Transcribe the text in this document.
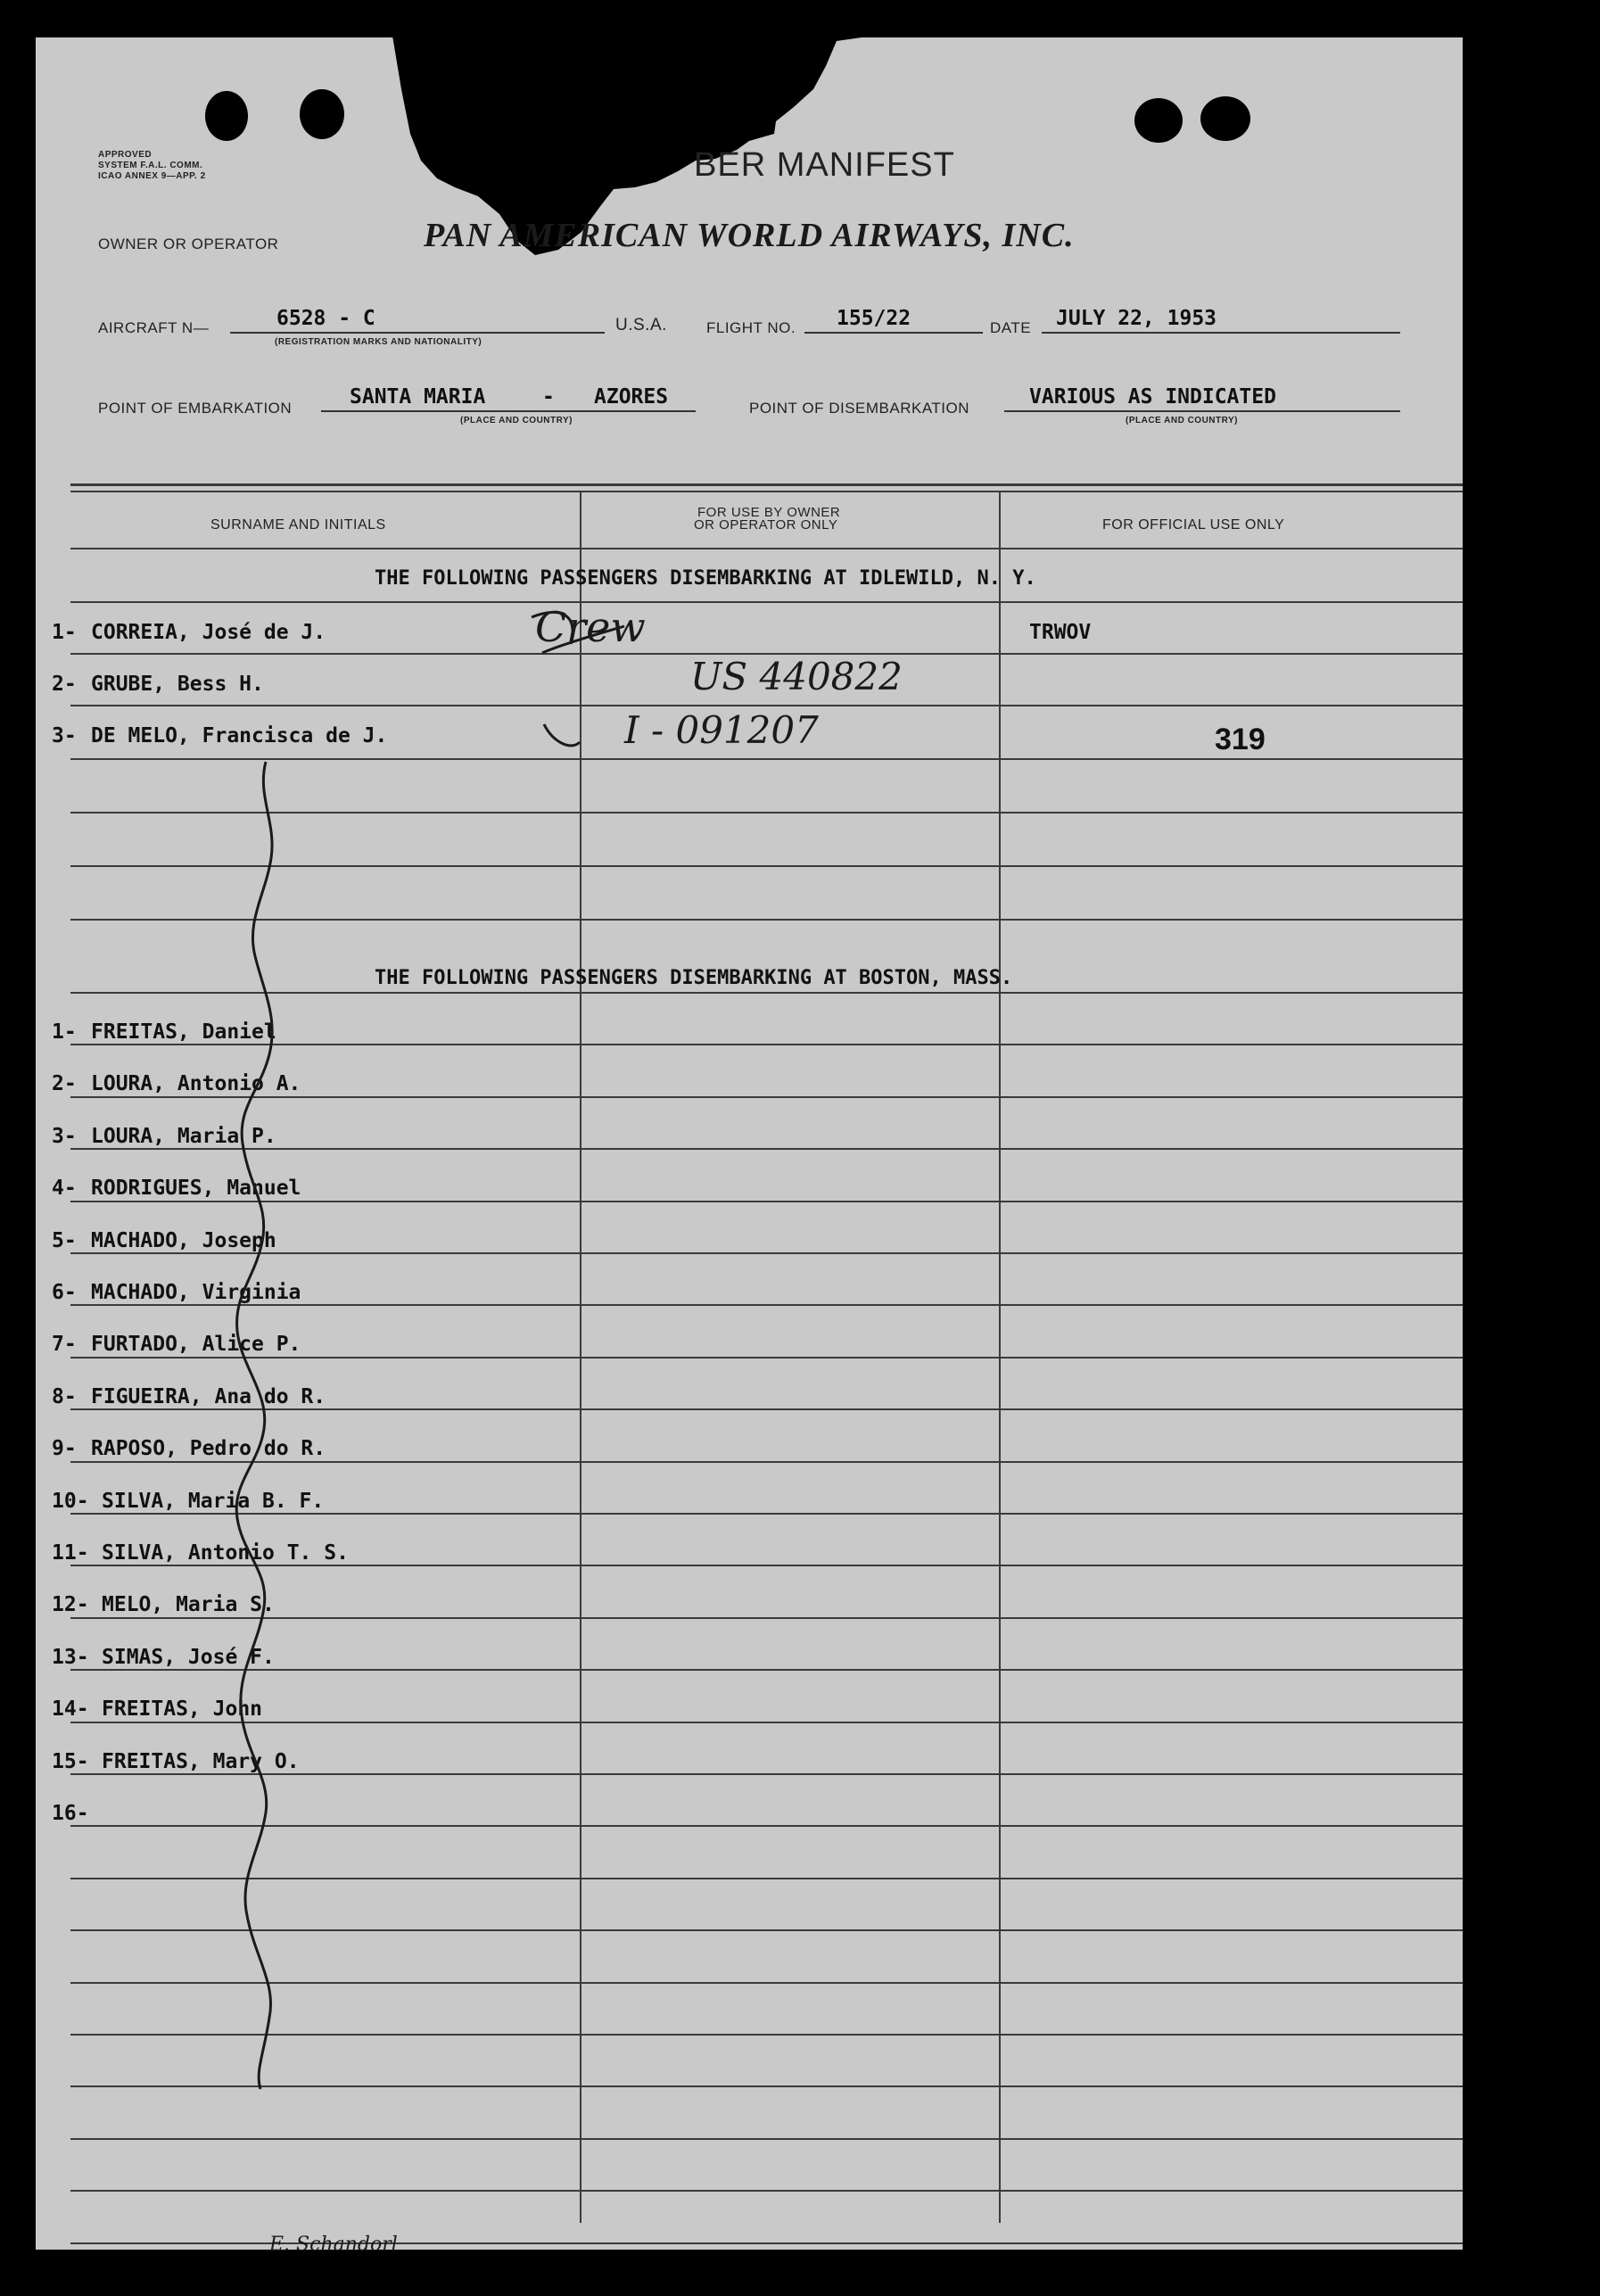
APPROVED
SYSTEM F.A.L. COMM.
ICAO ANNEX 9—APP. 2	BER MANIFEST
OWNER OR OPERATOR	PAN AMERICAN WORLD AIRWAYS, INC.
AIRCRAFT N—	6528 - C
(REGISTRATION MARKS AND NATIONALITY)
U.S.A.	FLIGHT NO. 155/22	DATE JULY 22, 1953
POINT OF EMBARKATION	SANTA MARIA	- AZORES
(PLACE AND COUNTRY)
POINT OF DISEMBARKATION	VARIOUS AS INDICATED
(PLACE AND COUNTRY)
SURNAME AND INITIALS
FOR USE BY OWNER
OR OPERATOR ONLY	FOR OFFICIAL USE ONLY
THE FOLLOWING PASSENGERS DISEMBARKING AT IDLEWILD, N. Y.
1- CORREIA, José de J.	Crew	TRWOV
2- GRUBE, Bess H.	US 440822
3- DE MELO, Francisca de J.	I - 091207	319
THE FOLLOWING PASSENGERS DISEMBARKING AT BOSTON, MASS.
1- FREITAS, Daniel
2- LOURA, Antonio A.
3- LOURA, Maria P.
4- RODRIGUES, Manuel
5- MACHADO, Joseph
6- MACHADO, Virginia
7- FURTADO, Alice P.
8- FIGUEIRA, Ana do R.
9- RAPOSO, Pedro do R.
10- SILVA, Maria B. F.
11- SILVA, Antonio T. S.
12- MELO, Maria S.
13- SIMAS, José F.
14- FREITAS, John
15- FREITAS, Mary O.
16-
E. Schandorl
